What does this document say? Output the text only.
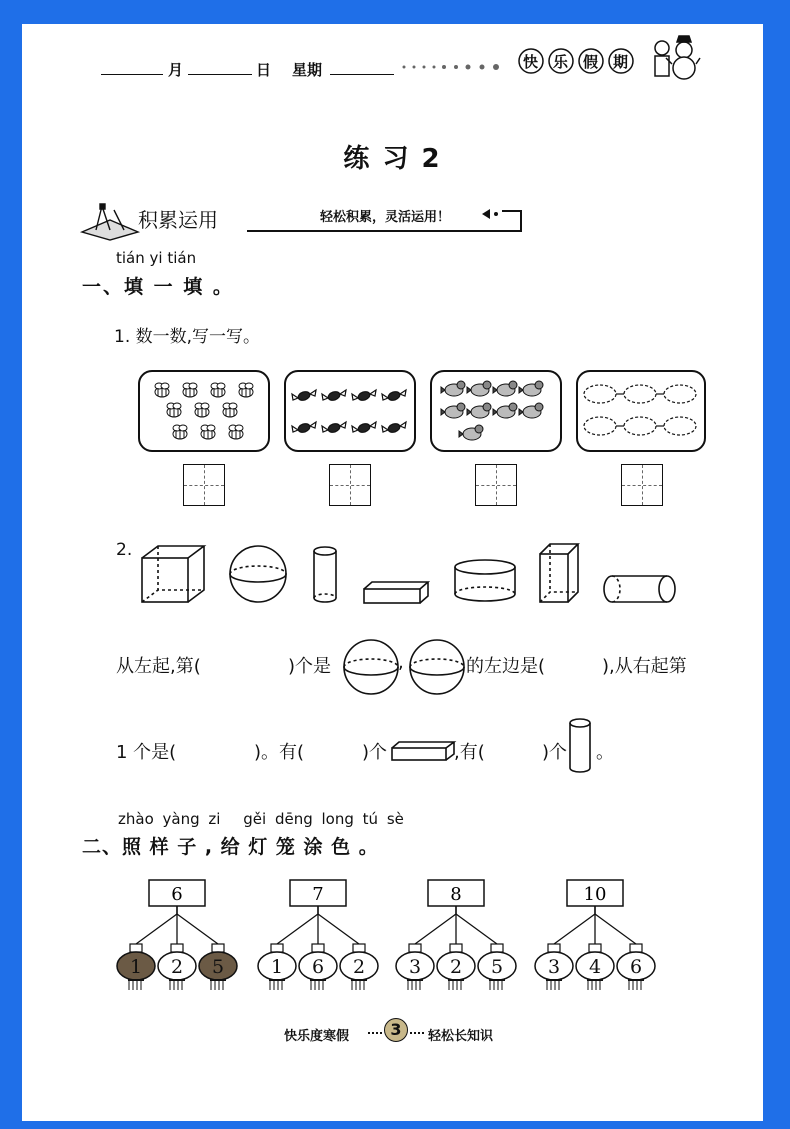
月	日 星期	快 乐 假 期
练 习 2
积累运用	轻松积累，灵活运用！
tián yi tián
一、填 一 填 。
1. 数一数,写一写。
2.
从左起,第(	)个是	,	的左边是(	),从右起第
1 个是(	)。有(	)个	,有(	)个 。
zhào yàng zi gěi dēng long tú sè
二、照 样 子 , 给 灯 笼 涂 色 。
6
1 2 5
7
1 6 2
8
3 2 5
10
3 4 6
快乐度寒假	3	轻松长知识
